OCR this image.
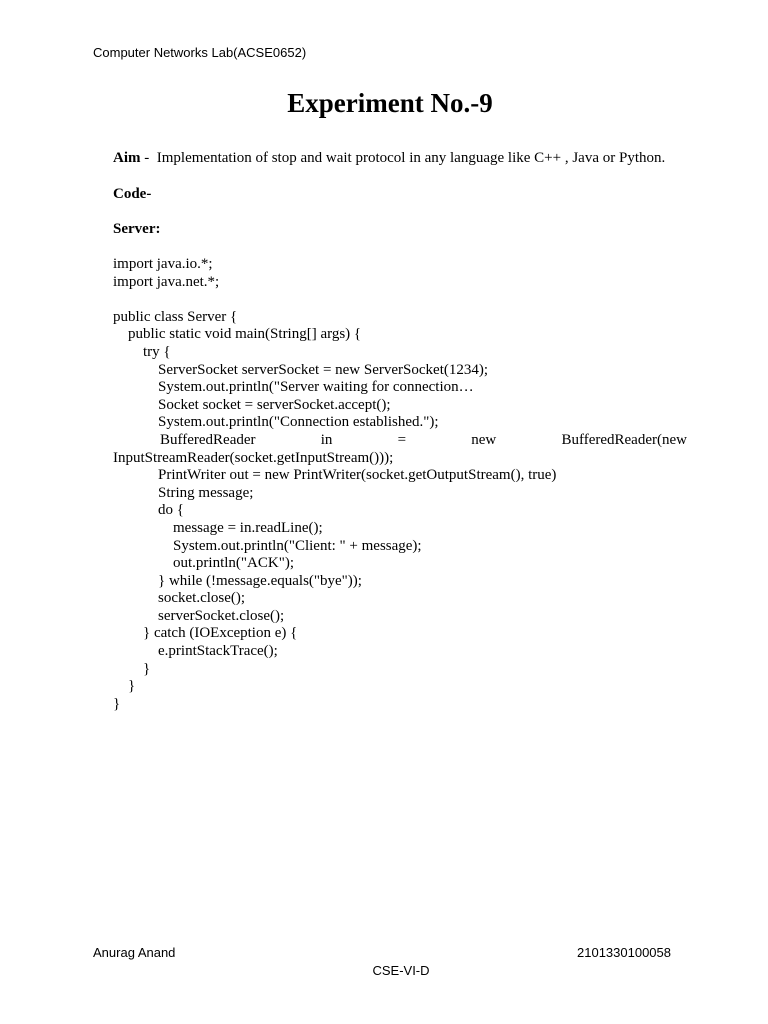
Computer Networks Lab(ACSE0652)
Experiment No.-9
Aim -  Implementation of stop and wait protocol in any language like C++ , Java or Python.
Code-
Server:
import java.io.*;
import java.net.*;
public class Server {
public static void main(String[] args) {
try {
ServerSocket serverSocket = new ServerSocket(1234);
System.out.println("Server waiting for connection…
Socket socket = serverSocket.accept();
System.out.println("Connection established.");
BufferedReader	in	=	new	BufferedReader(new
InputStreamReader(socket.getInputStream()));
PrintWriter out = new PrintWriter(socket.getOutputStream(), true)
String message;
do {
message = in.readLine();
System.out.println("Client: " + message);
out.println("ACK");
} while (!message.equals("bye"));
socket.close();
serverSocket.close();
} catch (IOException e) {
e.printStackTrace();
}
}
}
Anurag Anand	2101330100058
CSE-VI-D
